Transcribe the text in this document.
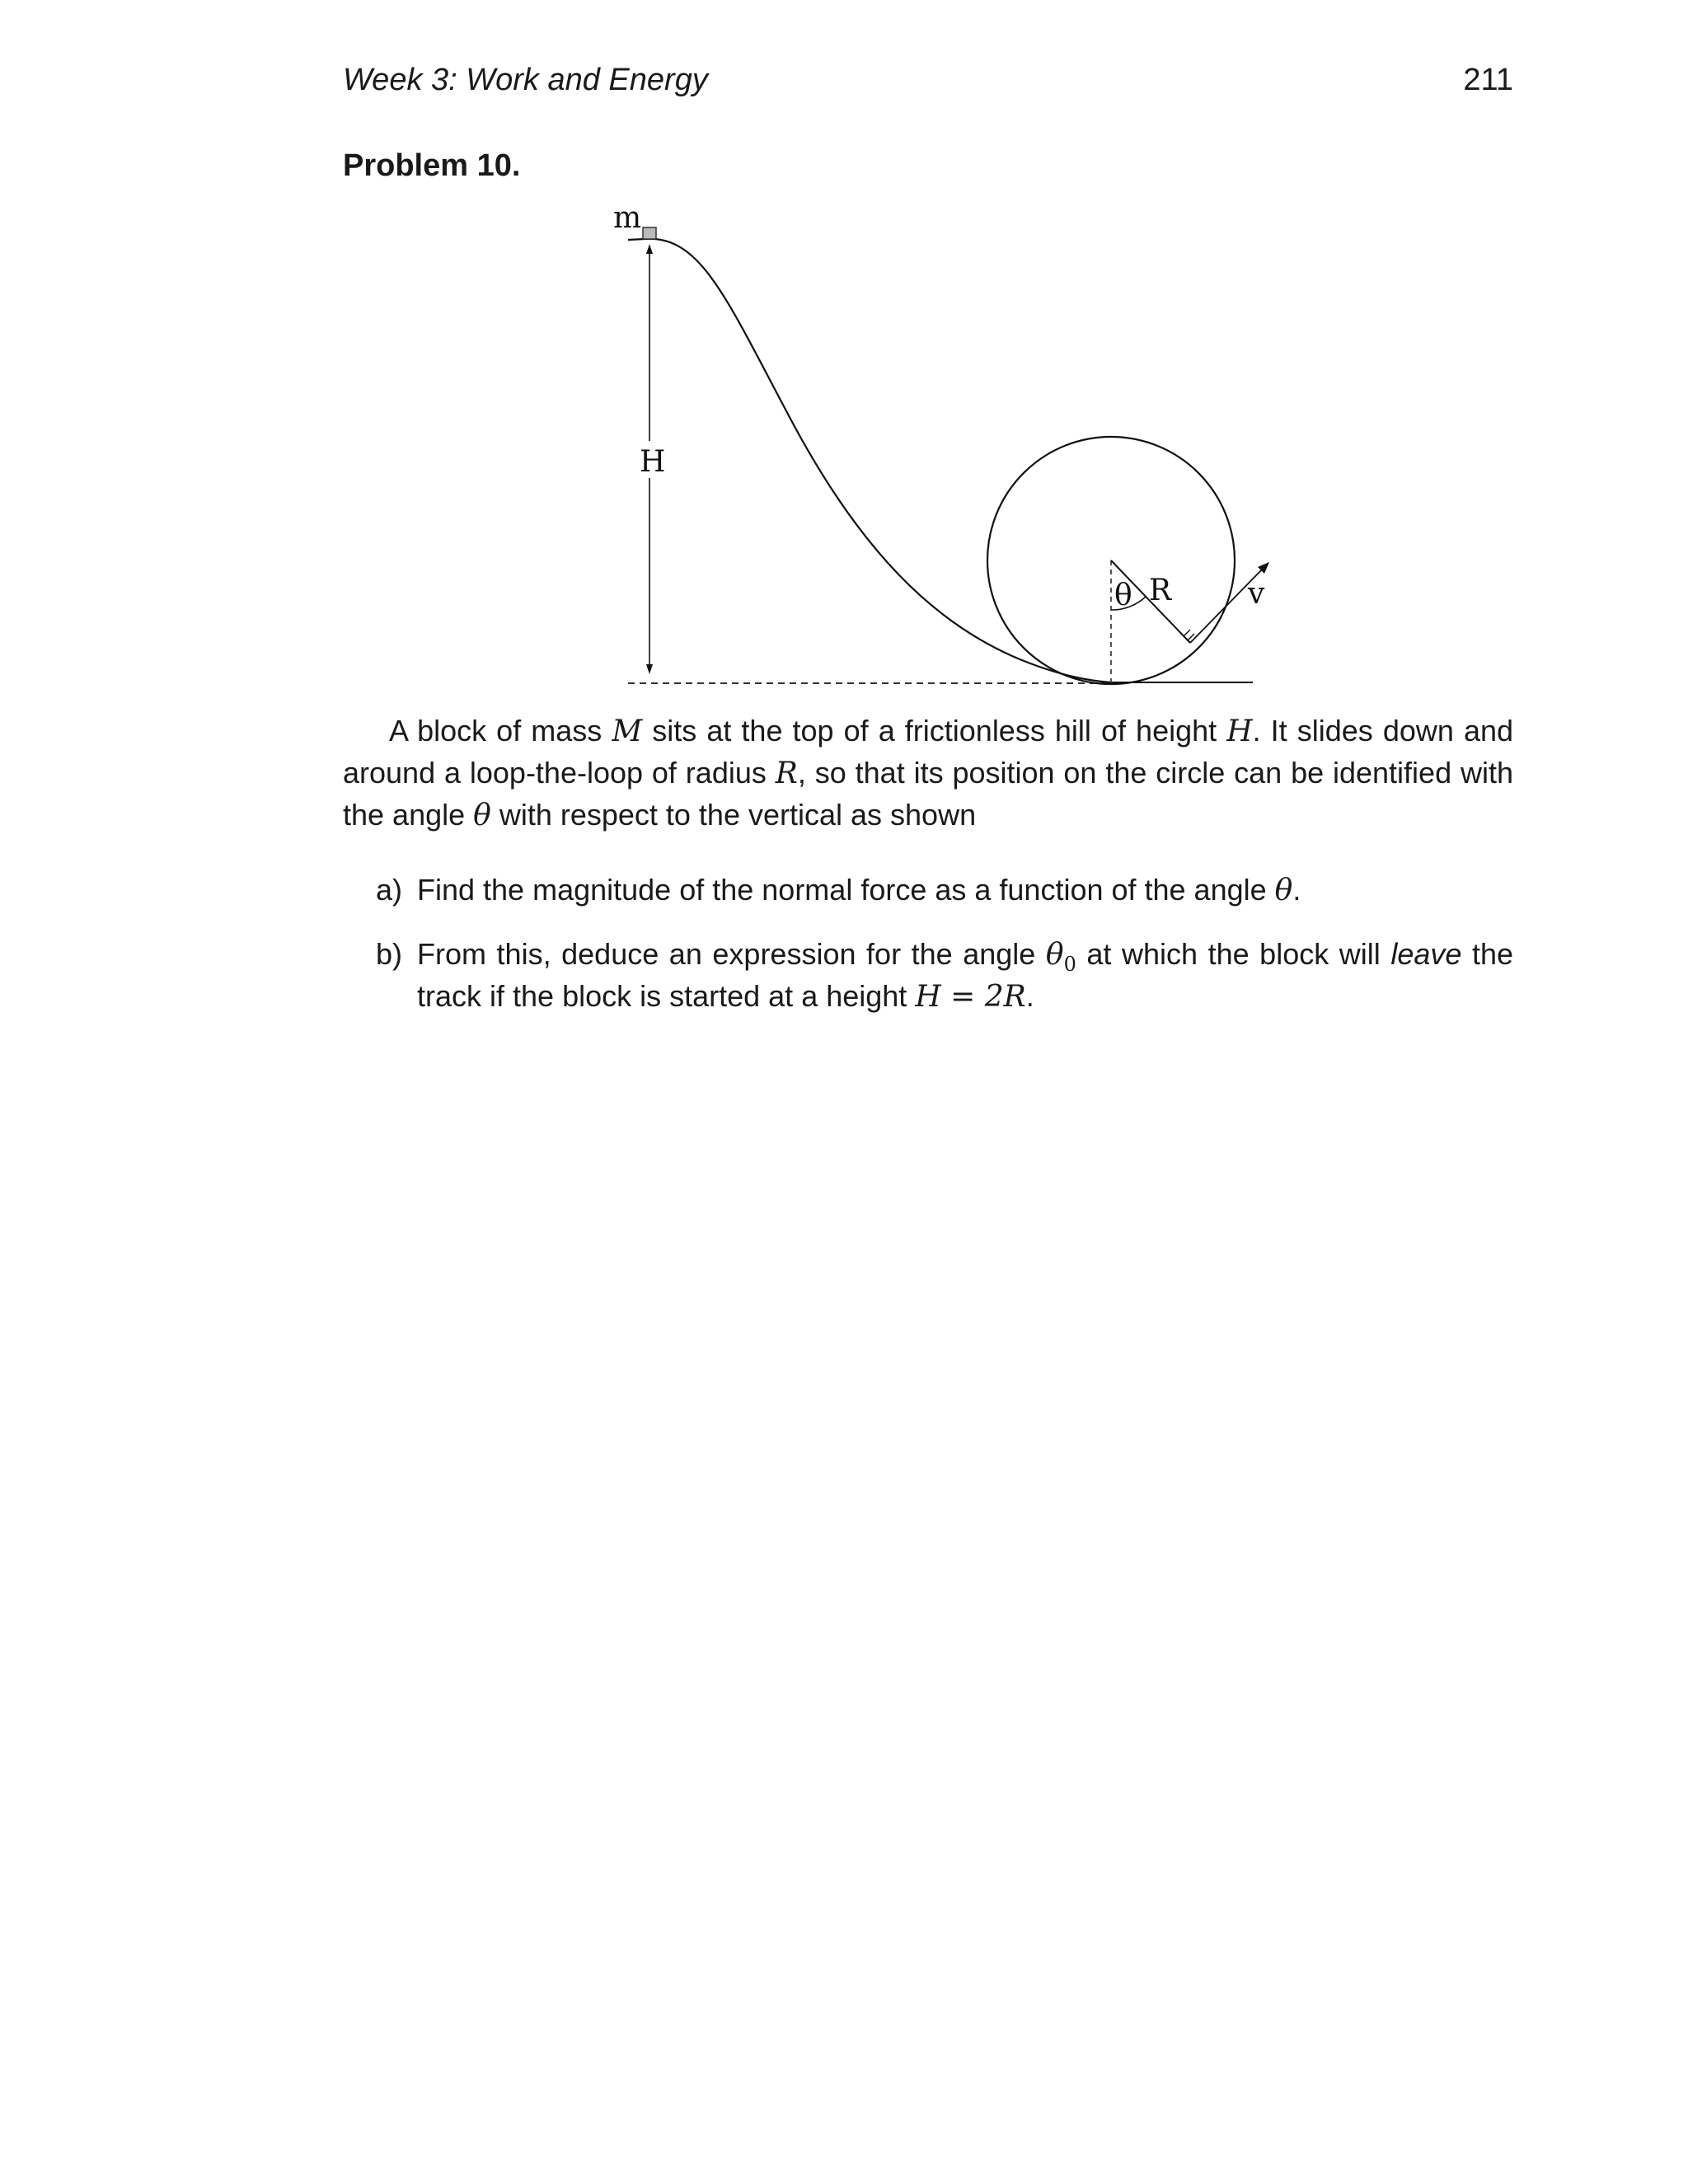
Week 3: Work and Energy	211
Problem 10.
m
H
θ R	v
A block of mass M sits at the top of a frictionless hill of height H. It slides down and
around a loop-the-loop of radius R, so that its position on the circle can be identified with
the angle θ with respect to the vertical as shown
a) Find the magnitude of the normal force as a function of the angle θ.
b) From this, deduce an expression for the angle $\theta_0$ at which the block will leave the
track if the block is started at a height H = 2R.
